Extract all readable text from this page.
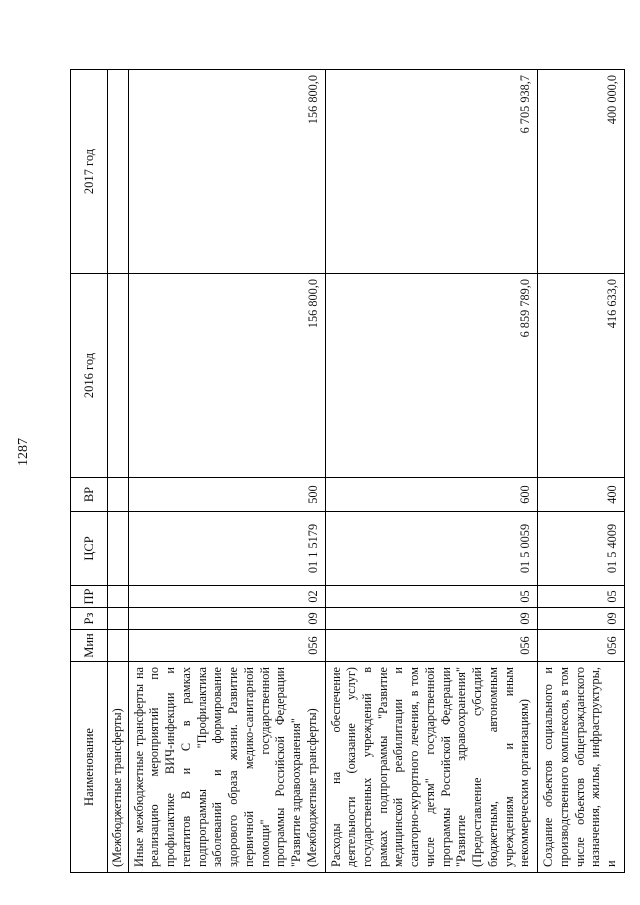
1287
Наименование	Мин	Рз	ПР	ЦСР	ВР	2016 год	2017 год
(Межбюджетные трансферты)							

Иные межбюджетные трансферты на реализацию мероприятий по профилактике ВИЧ-инфекции и гепатитов B и C в рамках подпрограммы "Профилактика заболеваний и формирование здорового образа жизни. Развитие первичной медико-санитарной помощи" государственной программы Российской Федерации "Развитие здравоохранения" (Межбюджетные трансферты)	056	09	02	01 1 5179	500	156 800,0	156 800,0

Расходы на обеспечение деятельности (оказание услуг) государственных учреждений в рамках подпрограммы "Развитие медицинской реабилитации и санаторно-курортного лечения, в том числе детям" государственной программы Российской Федерации "Развитие здравоохранения" (Предоставление субсидий бюджетным, автономным учреждениям и иным некоммерческим организациям)	056	09	05	01 5 0059	600	6 859 789,0	6 705 938,7

Создание объектов социального и производственного комплексов, в том числе объектов общегражданского назначения, жилья, инфраструктуры, и	056	09	05	01 5 4009	400	416 633,0	400 000,0
